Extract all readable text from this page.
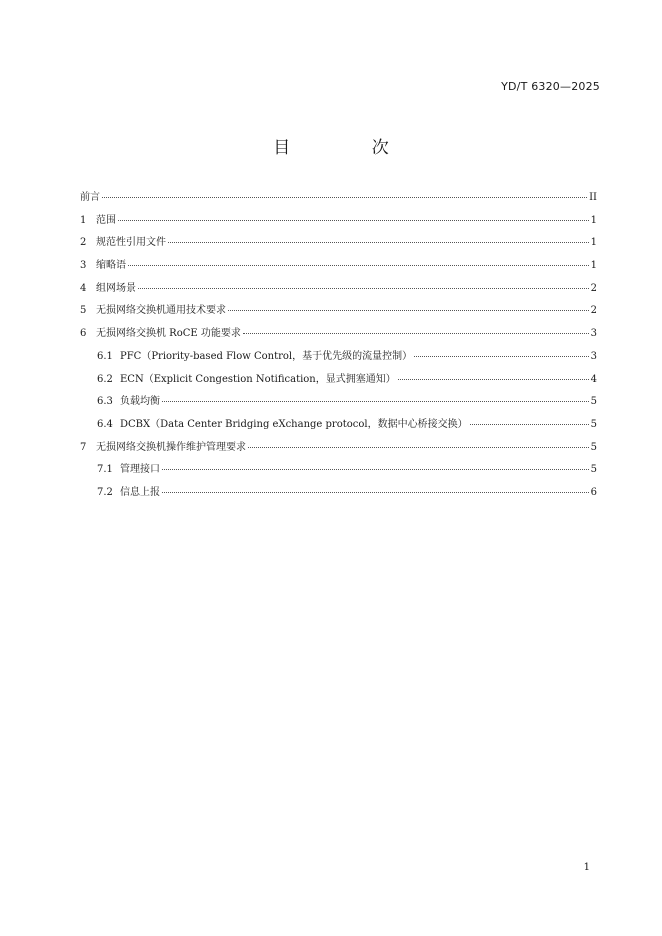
YD/T 6320—2025
目 次
前言	II
1 范围	1
2 规范性引用文件	1
3 缩略语	1
4 组网场景	2
5 无损网络交换机通用技术要求	2
6 无损网络交换机 RoCE 功能要求	3
6.1 PFC（Priority-based Flow Control，基于优先级的流量控制）	3
6.2 ECN（Explicit Congestion Notification，显式拥塞通知）	4
6.3 负载均衡	5
6.4 DCBX（Data Center Bridging eXchange protocol，数据中心桥接交换）	5
7 无损网络交换机操作维护管理要求	5
7.1 管理接口	5
7.2 信息上报	6
1
